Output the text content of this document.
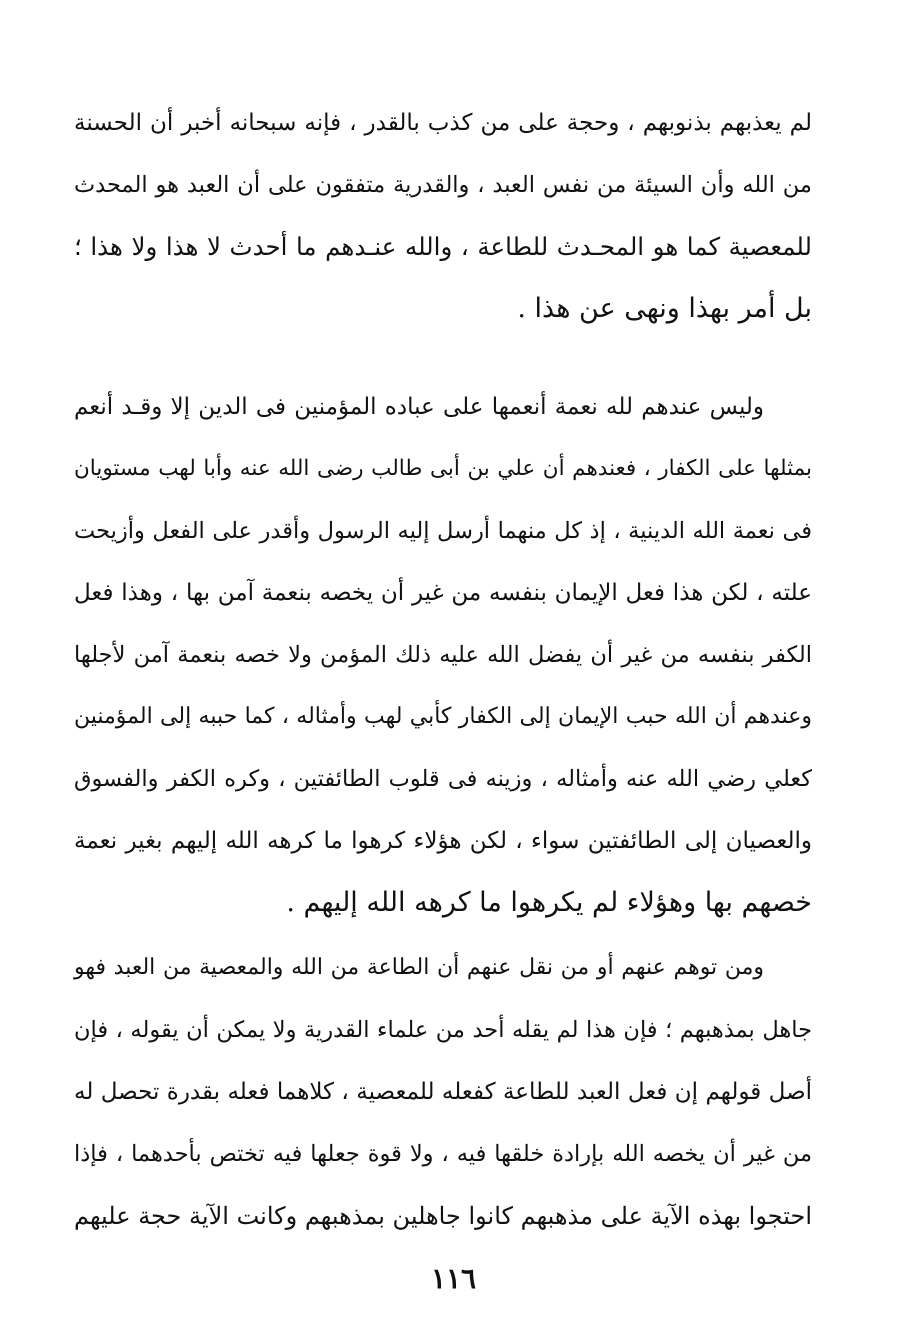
لم يعذبهم بذنوبهم ، وحجة على من كذب بالقدر ، فإنه سبحانه أخبر أن الحسنة
من الله وأن السيئة من نفس العبد ، والقدرية متفقون على أن العبد هو المحدث
للمعصية كما هو المحـدث للطاعة ، والله عنـدهم ما أحدث لا هذا ولا هذا ؛
بل أمر بهذا ونهى عن هذا .
وليس عندهم لله نعمة أنعمها على عباده المؤمنين فى الدين إلا وقـد أنعم
بمثلها على الكفار ، فعندهم أن علي بن أبى طالب رضى الله عنه وأبا لهب مستويان
فى نعمة الله الدينية ، إذ كل منهما أرسل إليه الرسول وأقدر على الفعل وأزيحت
علته ، لكن هذا فعل الإيمان بنفسه من غير أن يخصه بنعمة آمن بها ، وهذا فعل
الكفر بنفسه من غير أن يفضل الله عليه ذلك المؤمن ولا خصه بنعمة آمن لأجلها
وعندهم أن الله حبب الإيمان إلى الكفار كأبي لهب وأمثاله ، كما حببه إلى المؤمنين
كعلي رضي الله عنه وأمثاله ، وزينه فى قلوب الطائفتين ، وكره الكفر والفسوق
والعصيان إلى الطائفتين سواء ، لكن هؤلاء كرهوا ما كرهه الله إليهم بغير نعمة
خصهم بها وهؤلاء لم يكرهوا ما كرهه الله إليهم .
ومن توهم عنهم أو من نقل عنهم أن الطاعة من الله والمعصية من العبد فهو
جاهل بمذهبهم ؛ فإن هذا لم يقله أحد من علماء القدرية ولا يمكن أن يقوله ، فإن
أصل قولهم إن فعل العبد للطاعة كفعله للمعصية ، كلاهما فعله بقدرة تحصل له
من غير أن يخصه الله بإرادة خلقها فيه ، ولا قوة جعلها فيه تختص بأحدهما ، فإذا
احتجوا بهذه الآية على مذهبهم كانوا جاهلين بمذهبهم وكانت الآية حجة عليهم
١١٦
